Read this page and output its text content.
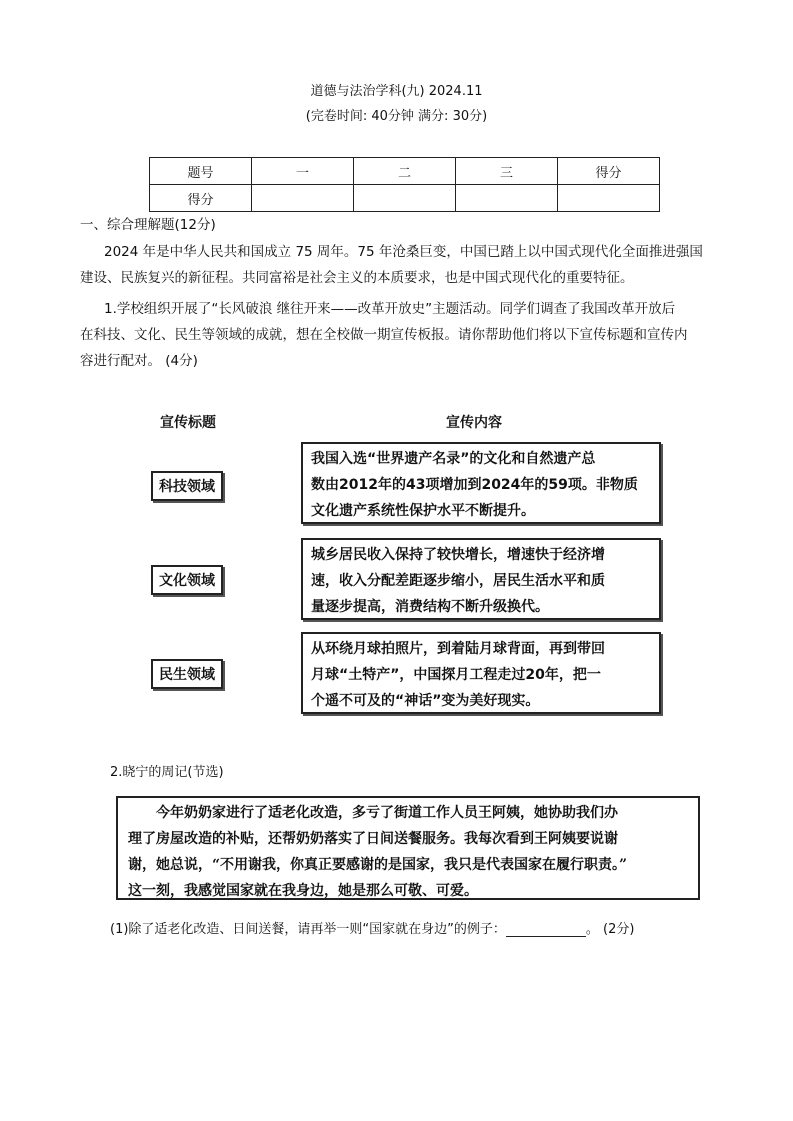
道德与法治学科(九) 2024.11
(完卷时间: 40分钟 满分: 30分)
题号	一	二	三	得分
得分				
一、综合理解题(12分)
2024 年是中华人民共和国成立 75 周年。75 年沧桑巨变，中国已踏上以中国式现代化全面推进强国
建设、民族复兴的新征程。共同富裕是社会主义的本质要求，也是中国式现代化的重要特征。
1.学校组织开展了“长风破浪 继往开来——改革开放史”主题活动。同学们调查了我国改革开放后
在科技、文化、民生等领域的成就，想在全校做一期宣传板报。请你帮助他们将以下宣传标题和宣传内
容进行配对。 (4分)
宣传标题	宣传内容
科技领域
文化领域
民生领域
我国入选“世界遗产名录”的文化和自然遗产总
数由2012年的43项增加到2024年的59项。非物质
文化遗产系统性保护水平不断提升。
城乡居民收入保持了较快增长，增速快于经济增
速，收入分配差距逐步缩小，居民生活水平和质
量逐步提高，消费结构不断升级换代。
从环绕月球拍照片，到着陆月球背面，再到带回
月球“土特产”，中国探月工程走过20年，把一
个遥不可及的“神话”变为美好现实。
2.晓宁的周记(节选)
今年奶奶家进行了适老化改造，多亏了街道工作人员王阿姨，她协助我们办
理了房屋改造的补贴，还帮奶奶落实了日间送餐服务。我每次看到王阿姨要说谢
谢，她总说，“不用谢我，你真正要感谢的是国家，我只是代表国家在履行职责。”
这一刻，我感觉国家就在我身边，她是那么可敬、可爱。
(1)除了适老化改造、日间送餐，请再举一则“国家就在身边”的例子：	。 (2分)
